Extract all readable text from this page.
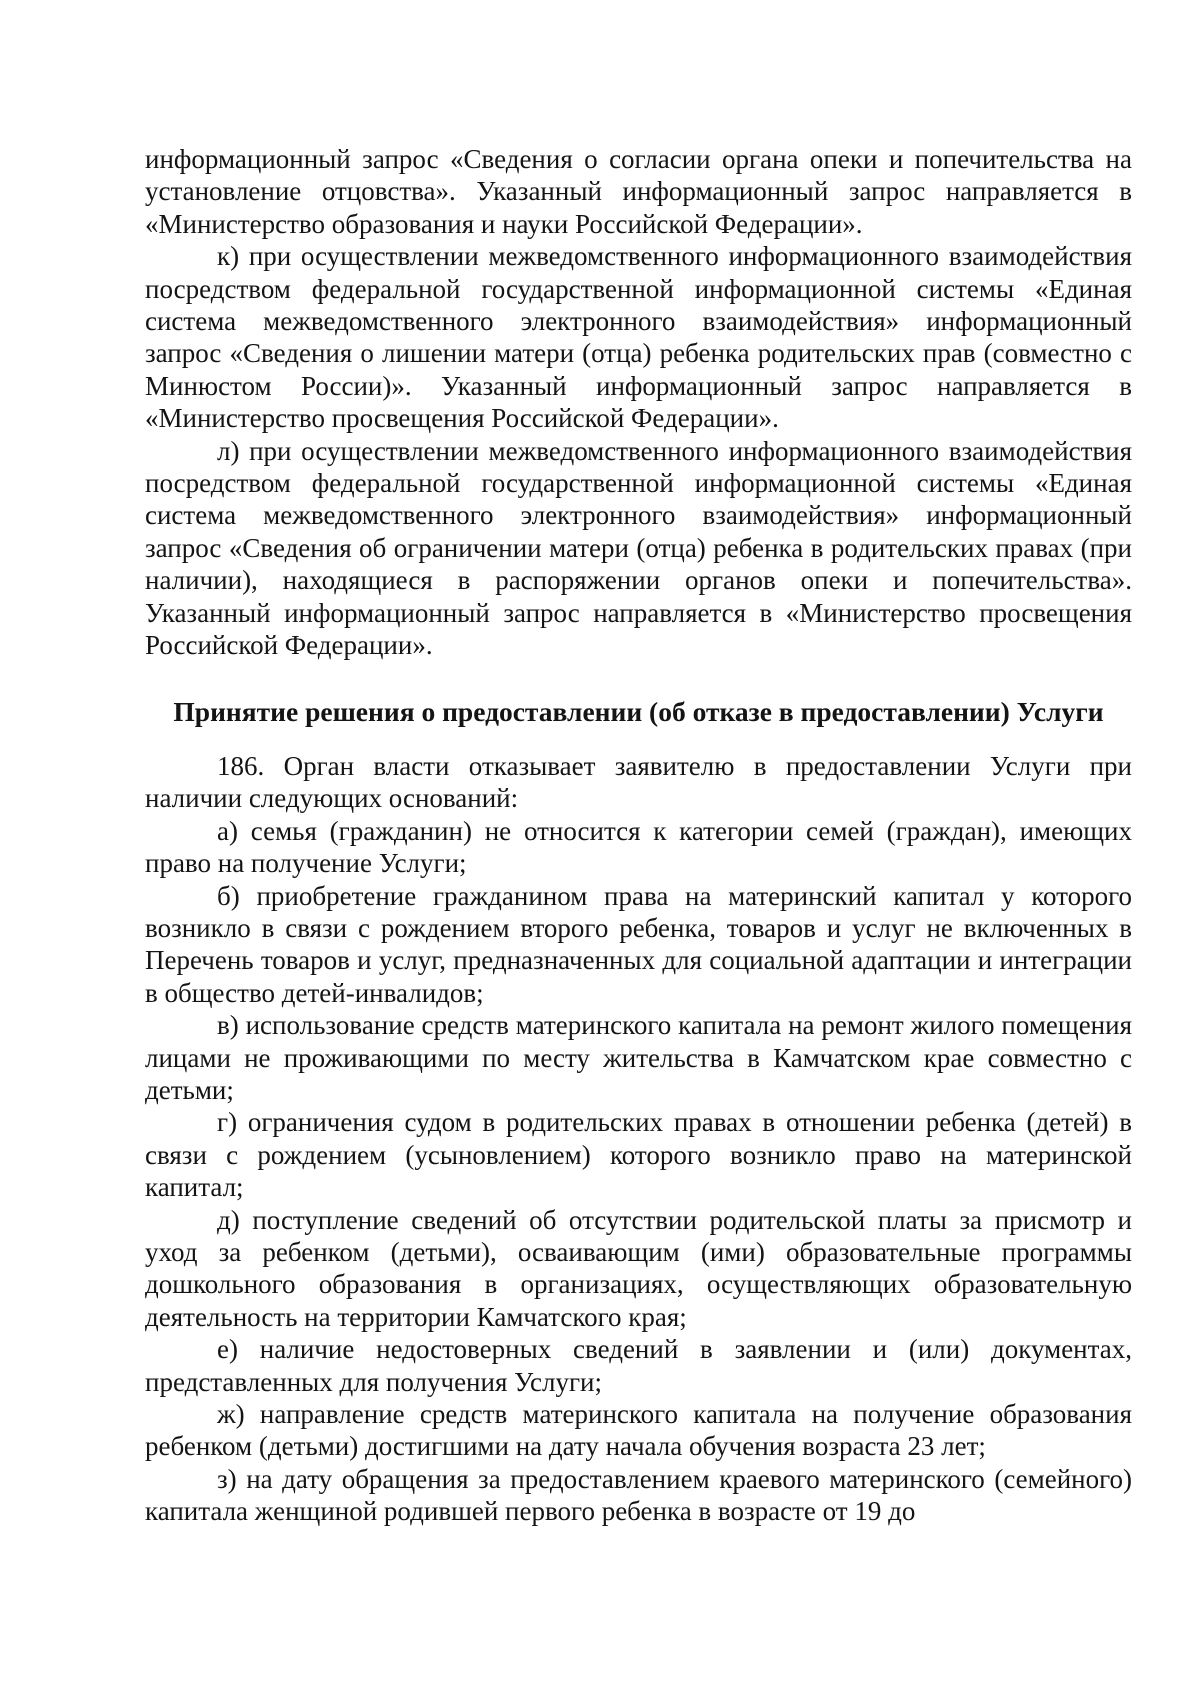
информационный запрос «Сведения о согласии органа опеки и попечительства на установление отцовства». Указанный информационный запрос направляется в «Министерство образования и науки Российской Федерации».

к) при осуществлении межведомственного информационного взаимодействия посредством федеральной государственной информационной системы «Единая система межведомственного электронного взаимодействия» информационный запрос «Сведения о лишении матери (отца) ребенка родительских прав (совместно с Минюстом России)». Указанный информационный запрос направляется в «Министерство просвещения Российской Федерации».

л) при осуществлении межведомственного информационного взаимодействия посредством федеральной государственной информационной системы «Единая система межведомственного электронного взаимодействия» информационный запрос «Сведения об ограничении матери (отца) ребенка в родительских правах (при наличии), находящиеся в распоряжении органов опеки и попечительства». Указанный информационный запрос направляется в «Министерство просвещения Российской Федерации».

Принятие решения о предоставлении (об отказе в предоставлении) Услуги

186. Орган власти отказывает заявителю в предоставлении Услуги при наличии следующих оснований:

а) семья (гражданин) не относится к категории семей (граждан), имеющих право на получение Услуги;

б) приобретение гражданином права на материнский капитал у которого возникло в связи с рождением второго ребенка, товаров и услуг не включенных в Перечень товаров и услуг, предназначенных для социальной адаптации и интеграции в общество детей-инвалидов;

в) использование средств материнского капитала на ремонт жилого помещения лицами не проживающими по месту жительства в Камчатском крае совместно с детьми;

г) ограничения судом в родительских правах в отношении ребенка (детей) в связи с рождением (усыновлением) которого возникло право на материнской капитал;

д) поступление сведений об отсутствии родительской платы за присмотр и уход за ребенком (детьми), осваивающим (ими) образовательные программы дошкольного образования в организациях, осуществляющих образовательную деятельность на территории Камчатского края;

е) наличие недостоверных сведений в заявлении и (или) документах, представленных для получения Услуги;

ж) направление средств материнского капитала на получение образования ребенком (детьми) достигшими на дату начала обучения возраста 23 лет;

з) на дату обращения за предоставлением краевого материнского (семейного) капитала женщиной родившей первого ребенка в возрасте от 19 до
